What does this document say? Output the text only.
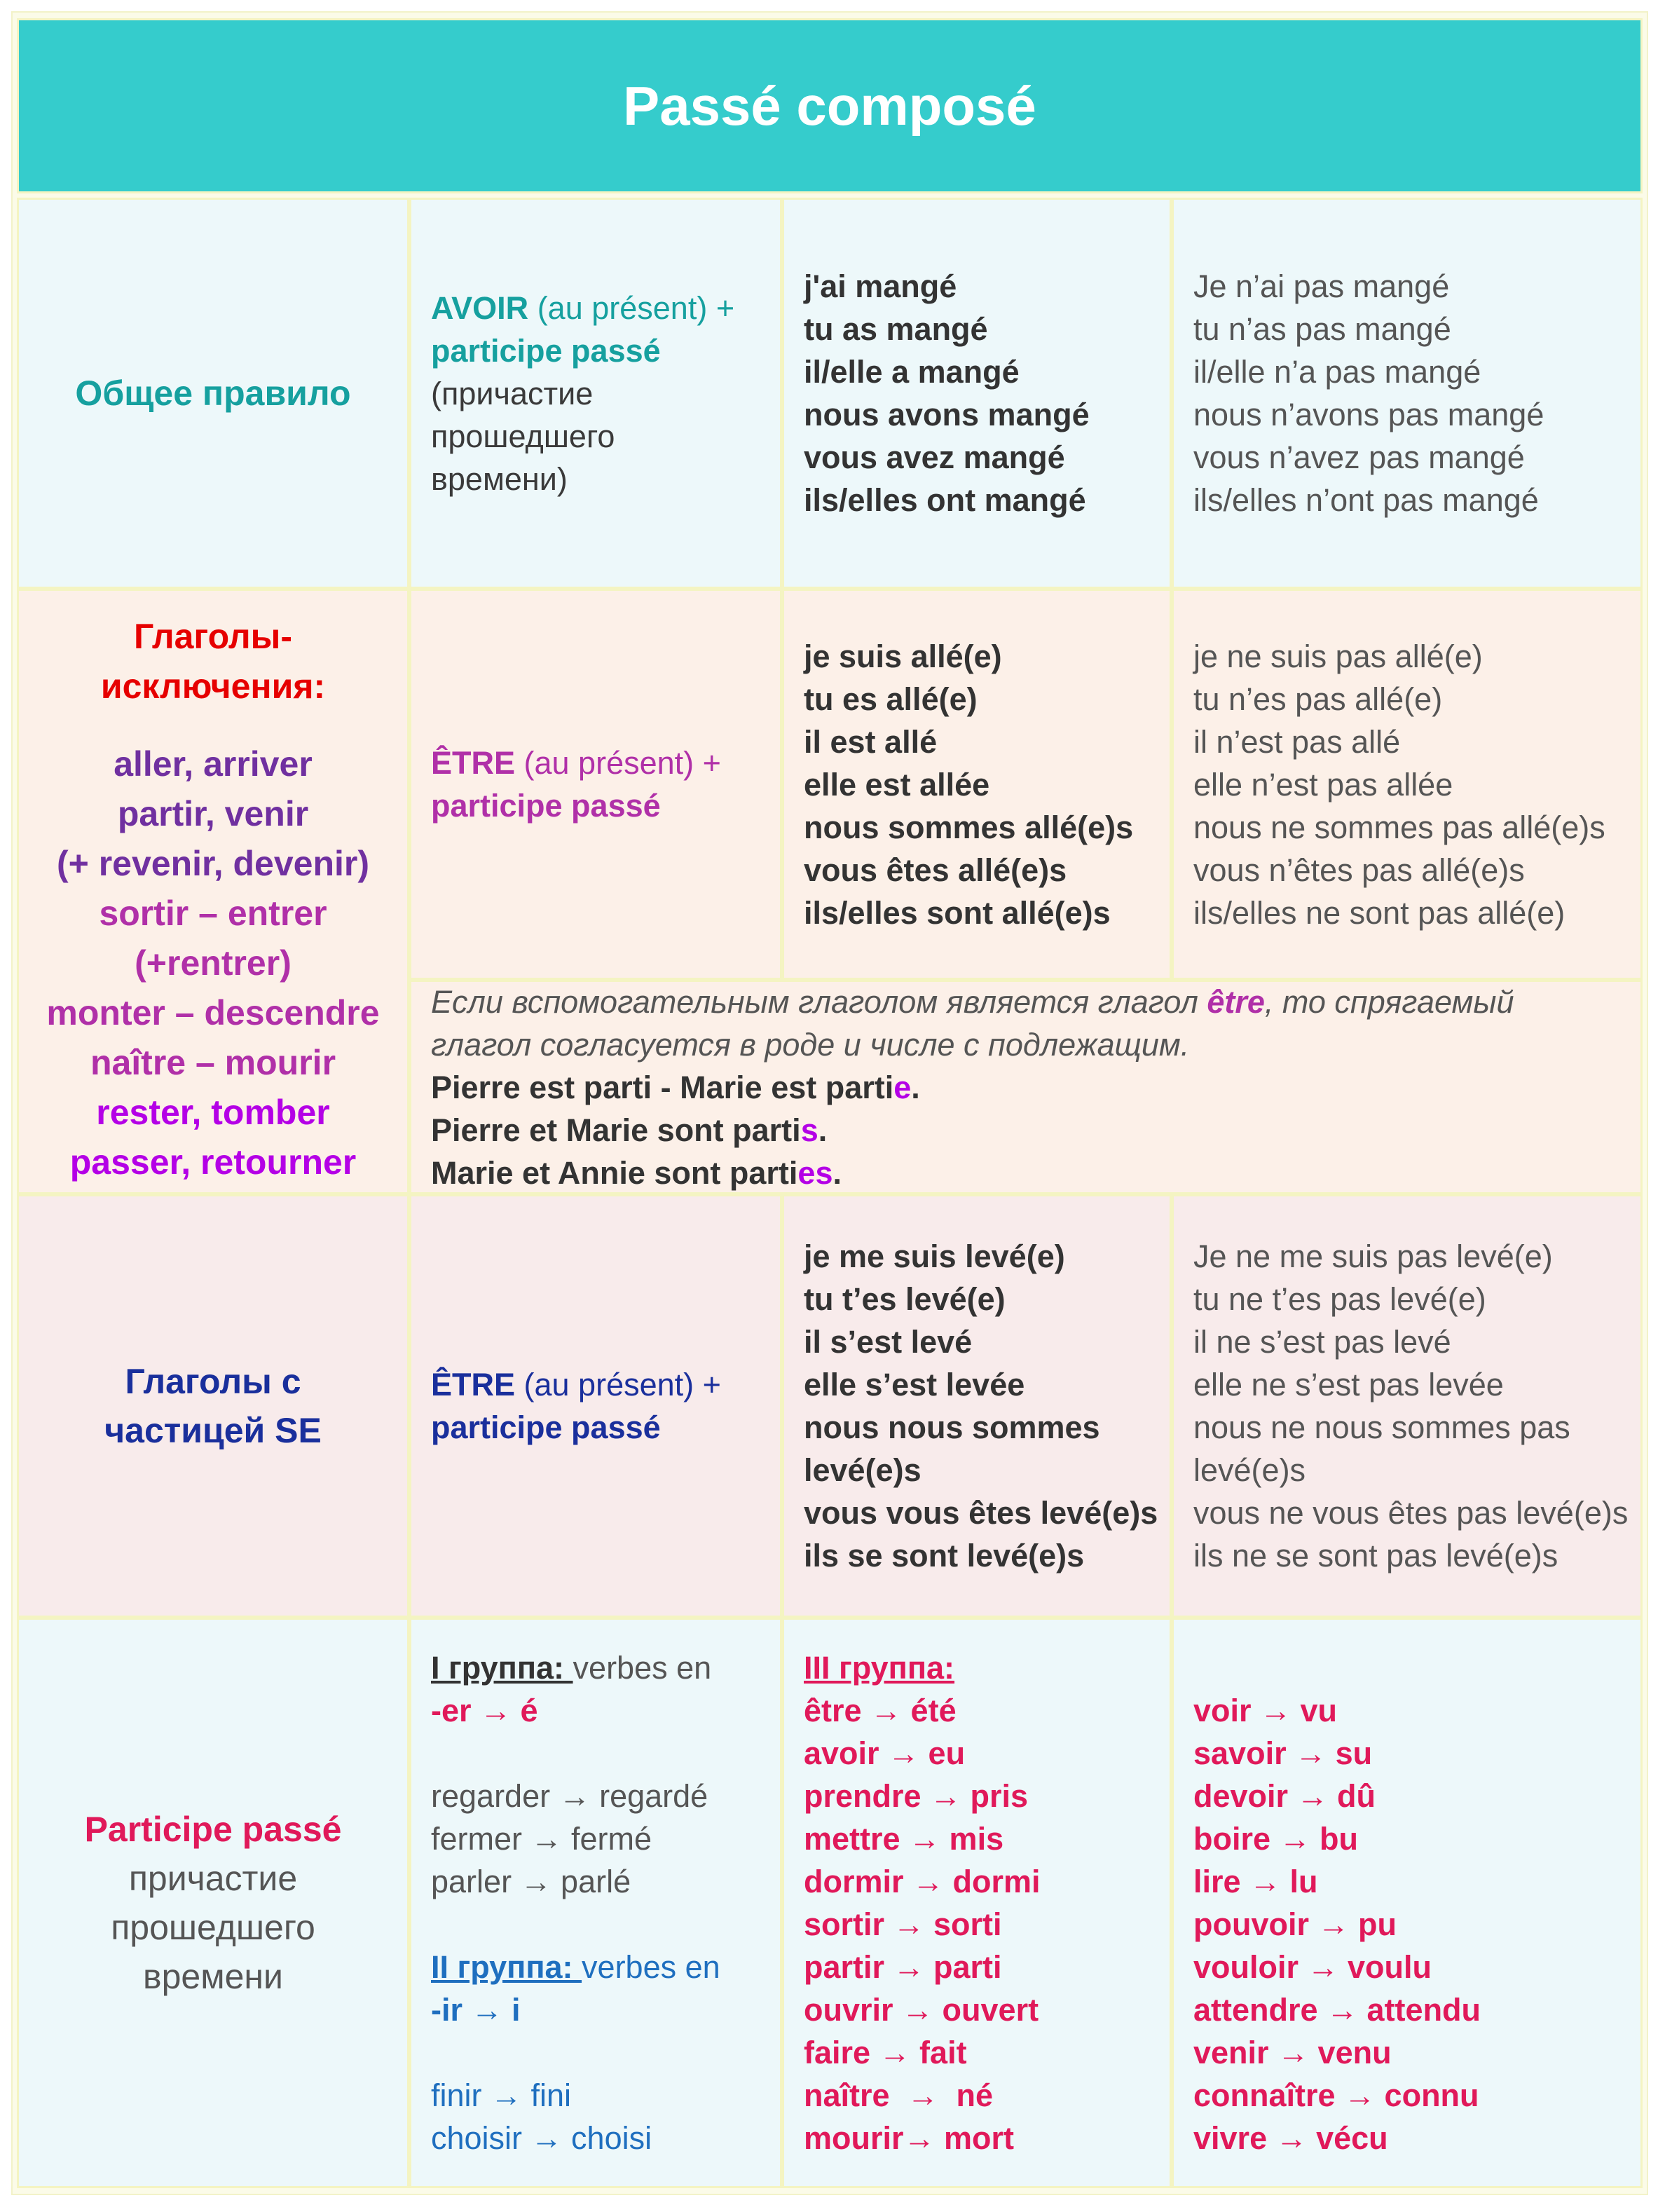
Passé composé
Общее правило
AVOIR (au présent) +
participe passé
(причастие
прошедшего
времени)
j'ai mangé
tu as mangé
il/elle a mangé
nous avons mangé
vous avez mangé
ils/elles ont mangé
Je n’ai pas mangé
tu n’as pas mangé
il/elle n’a pas mangé
nous n’avons pas mangé
vous n’avez pas mangé
ils/elles n’ont pas mangé
Глаголы-
исключения:
aller, arriver
partir, venir
(+ revenir, devenir)
sortir – entrer
(+rentrer)
monter – descendre
naître – mourir
rester, tomber
passer, retourner
ÊTRE (au présent) +
participe passé
je suis allé(e)
tu es allé(e)
il est allé
elle est allée
nous sommes allé(e)s
vous êtes allé(e)s
ils/elles sont allé(e)s
je ne suis pas allé(e)
tu n’es pas allé(e)
il n’est pas allé
elle n’est pas allée
nous ne sommes pas allé(e)s
vous n’êtes pas allé(e)s
ils/elles ne sont pas allé(e)
Если вспомогательным глаголом является глагол être, то спрягаемый
глагол согласуется в роде и числе с подлежащим.
Pierre est parti - Marie est partie.
Pierre et Marie sont partis.
Marie et Annie sont parties.
Глаголы с
частицей SE
ÊTRE (au présent) +
participe passé
je me suis levé(e)
tu t’es levé(e)
il s’est levé
elle s’est levée
nous nous sommes
levé(e)s
vous vous êtes levé(e)s
ils se sont levé(e)s
Je ne me suis pas levé(e)
tu ne t’es pas levé(e)
il ne s’est pas levé
elle ne s’est pas levée
nous ne nous sommes pas
levé(e)s
vous ne vous êtes pas levé(e)s
ils ne se sont pas levé(e)s
Participe passé
причастие
прошедшего
времени
I группа: verbes en
-er → é
regarder → regardé
fermer → fermé
parler → parlé
II группа: verbes en
-ir → i
finir → fini
choisir → choisi
III группа:
être → été
avoir → eu
prendre → pris
mettre → mis
dormir → dormi
sortir → sorti
partir → parti
ouvrir → ouvert
faire → fait
naître  →  né
mourir→ mort
voir → vu
savoir → su
devoir → dû
boire → bu
lire → lu
pouvoir → pu
vouloir → voulu
attendre → attendu
venir → venu
connaître → connu
vivre → vécu
